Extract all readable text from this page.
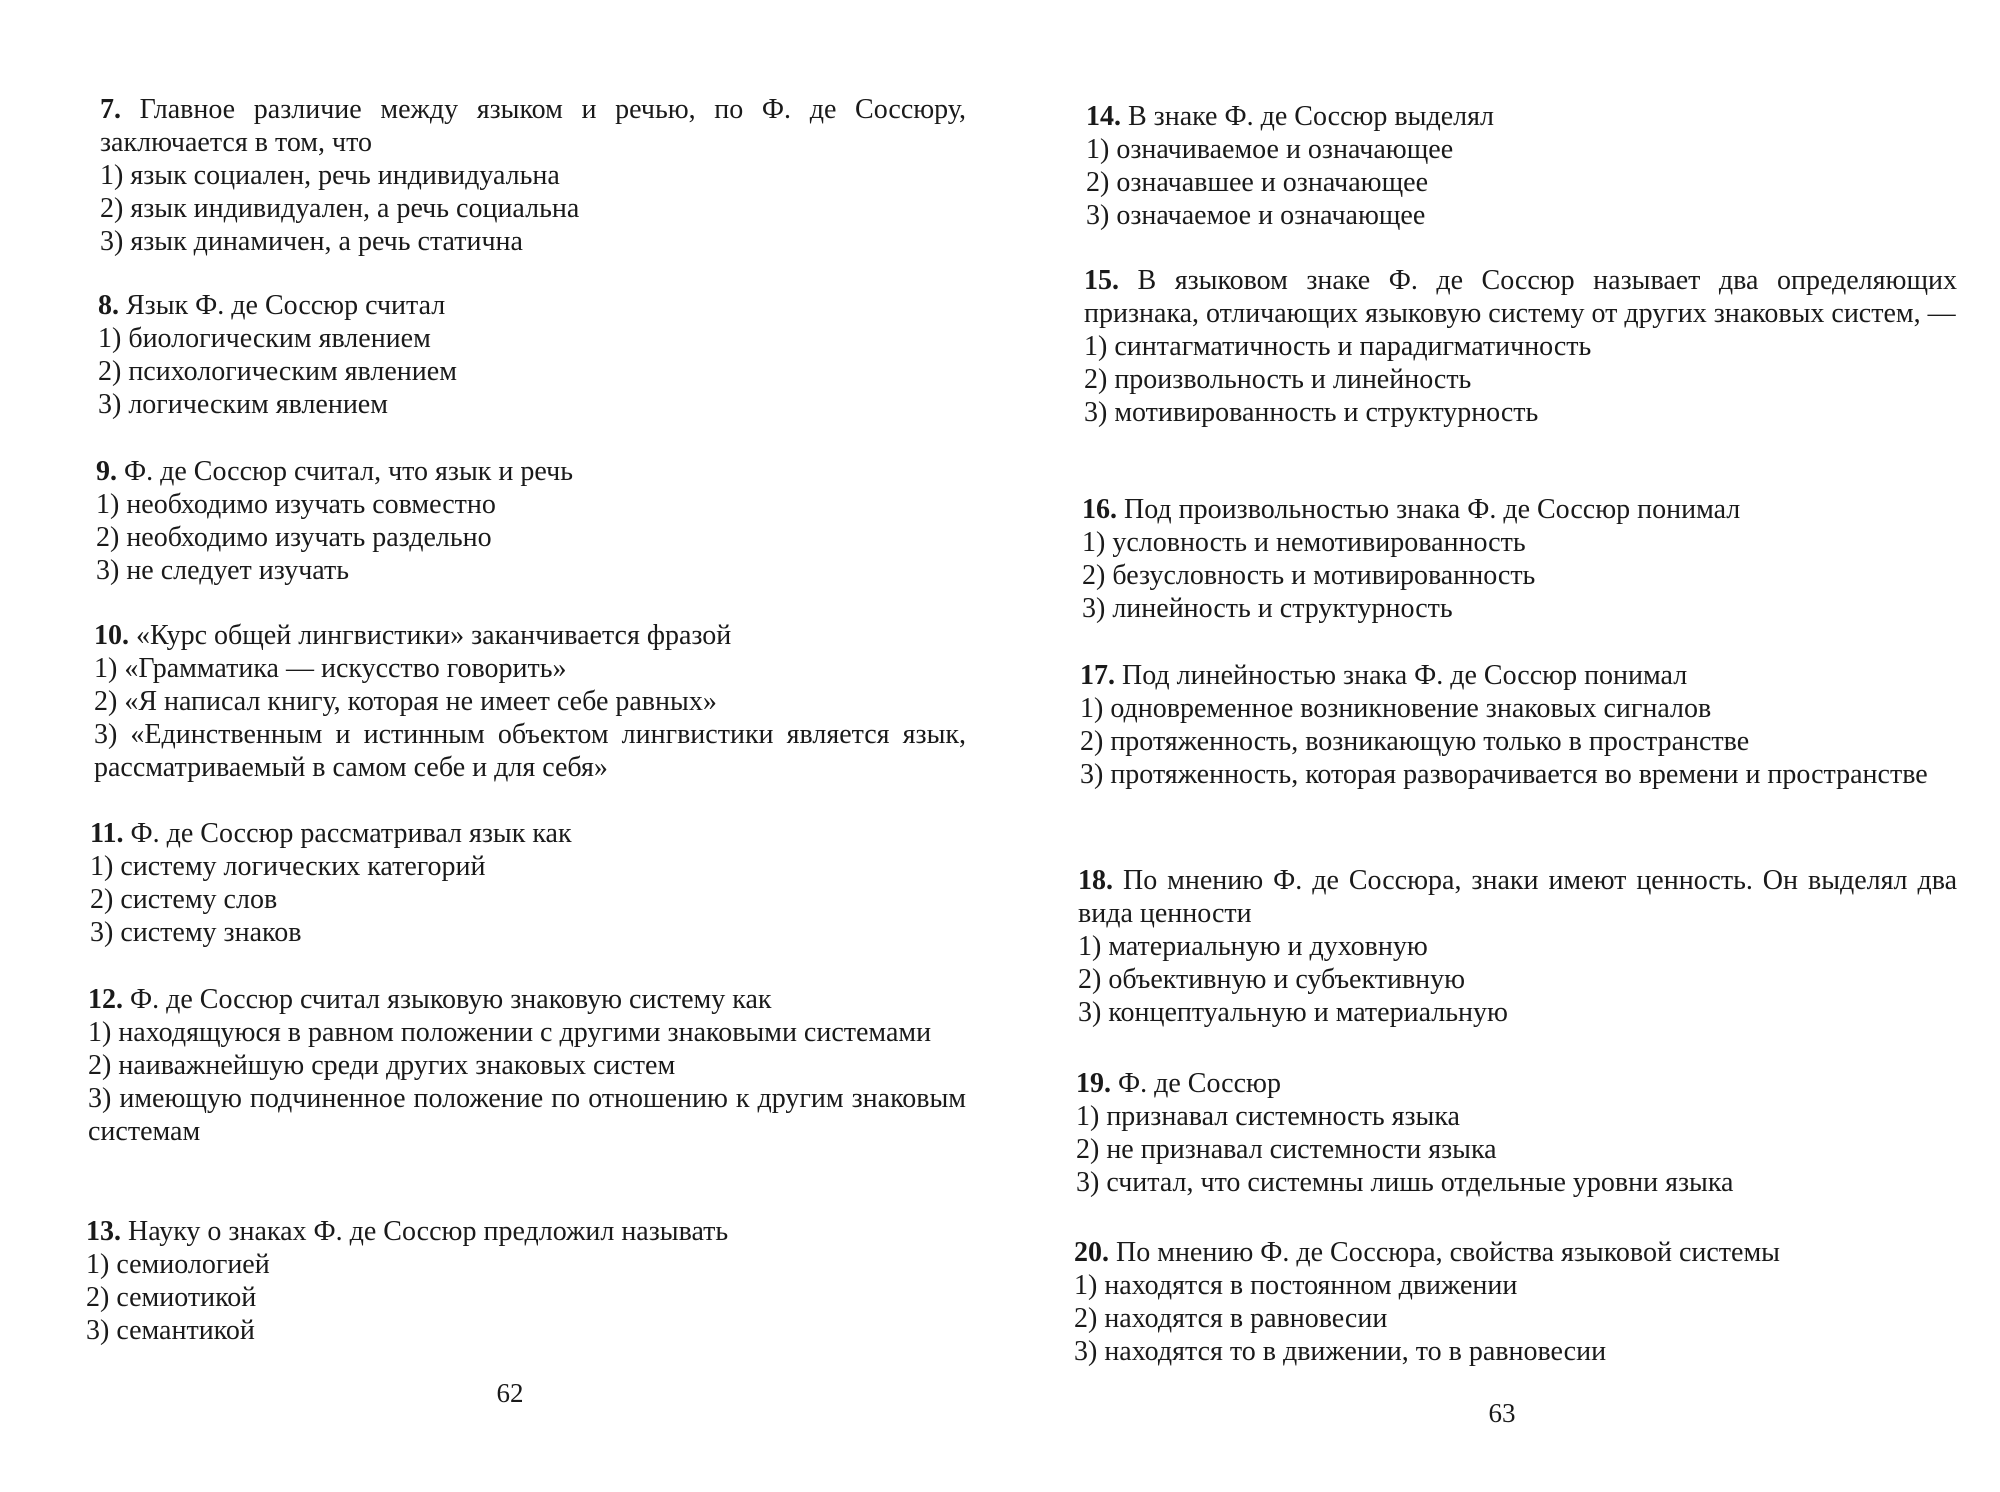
7. Главное различие между языком и речью, по Ф. де Соссюру, заключается в том, что

1) язык социален, речь индивидуальна

2) язык индивидуален, а речь социальна

3) язык динамичен, а речь статична

8. Язык Ф. де Соссюр считал

1) биологическим явлением

2) психологическим явлением

3) логическим явлением

9. Ф. де Соссюр считал, что язык и речь

1) необходимо изучать совместно

2) необходимо изучать раздельно

3) не следует изучать

10. «Курс общей лингвистики» заканчивается фразой

1) «Грамматика — искусство говорить»

2) «Я написал книгу, которая не имеет себе равных»

3) «Единственным и истинным объектом лингвистики является язык, рассматриваемый в самом себе и для себя»

11. Ф. де Соссюр рассматривал язык как

1) систему логических категорий

2) систему слов

3) систему знаков

12. Ф. де Соссюр считал языковую знаковую систему как

1) находящуюся в равном положении с другими знаковыми системами

2) наиважнейшую среди других знаковых систем

3) имеющую подчиненное положение по отношению к другим знаковым системам

13. Науку о знаках Ф. де Соссюр предложил называть

1) семиологией

2) семиотикой

3) семантикой

14. В знаке Ф. де Соссюр выделял

1) означиваемое и означающее

2) означавшее и означающее

3) означаемое и означающее

15. В языковом знаке Ф. де Соссюр называет два определяющих признака, отличающих языковую систему от других знаковых систем, —

1) синтагматичность и парадигматичность

2) произвольность и линейность

3) мотивированность и структурность

16. Под произвольностью знака Ф. де Соссюр понимал

1) условность и немотивированность

2) безусловность и мотивированность

3) линейность и структурность

17. Под линейностью знака Ф. де Соссюр понимал

1) одновременное возникновение знаковых сигналов

2) протяженность, возникающую только в пространстве

3) протяженность, которая разворачивается во времени и пространстве

18. По мнению Ф. де Соссюра, знаки имеют ценность. Он выделял два вида ценности

1) материальную и духовную

2) объективную и субъективную

3) концептуальную и материальную

19. Ф. де Соссюр

1) признавал системность языка

2) не признавал системности языка

3) считал, что системны лишь отдельные уровни языка

20. По мнению Ф. де Соссюра, свойства языковой системы

1) находятся в постоянном движении

2) находятся в равновесии

3) находятся то в движении, то в равновесии

62
63
